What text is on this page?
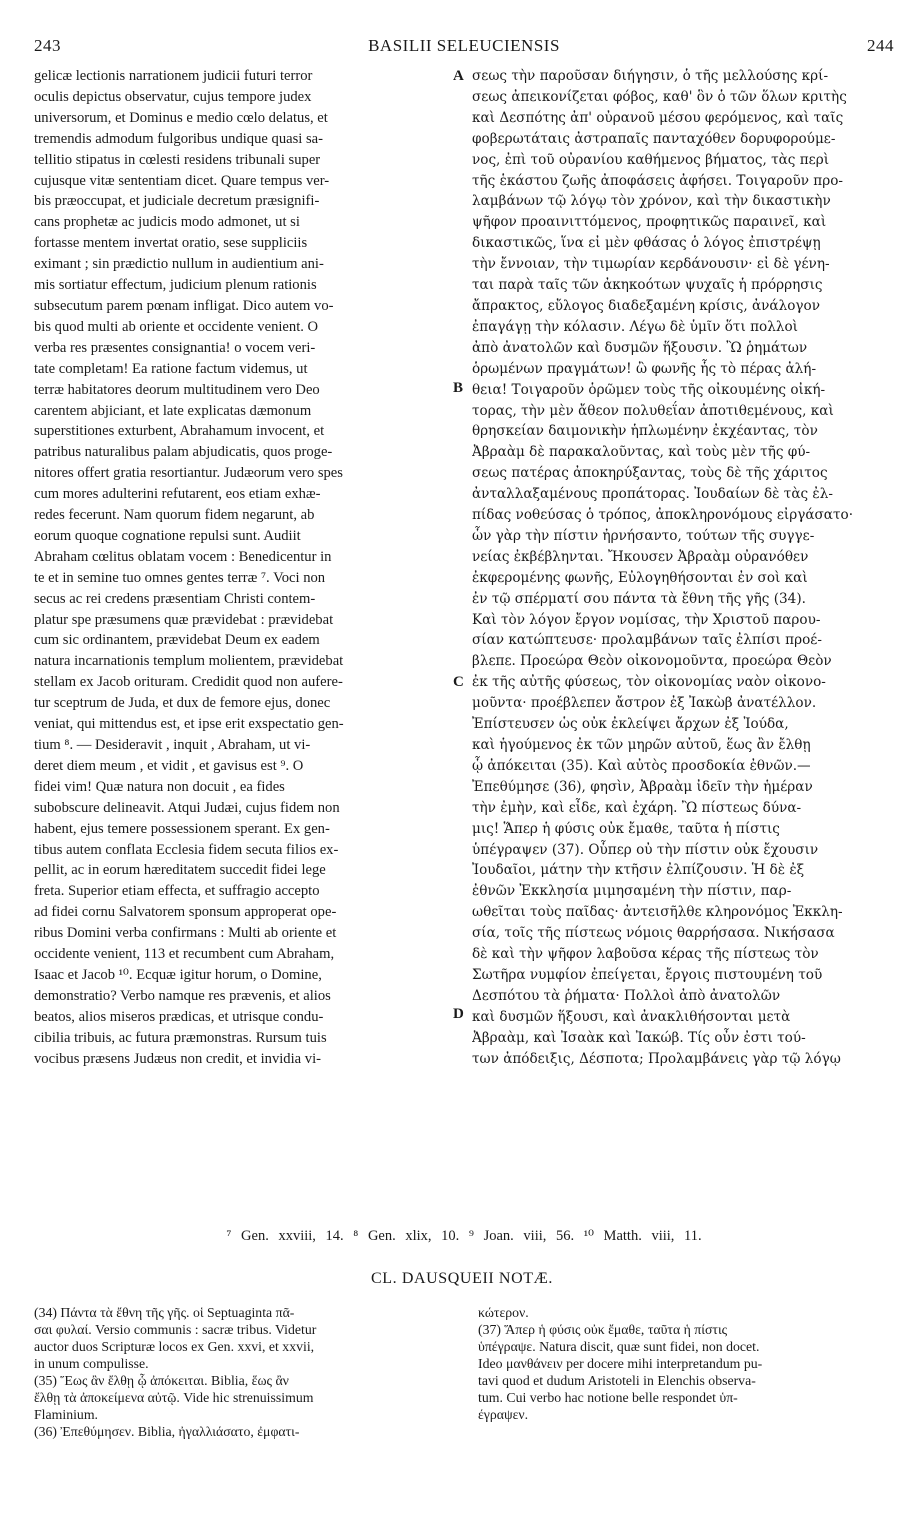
243	BASILII SELEUCIENSIS	244
gelicæ lectionis narrationem judicii futuri terror
oculis depictus observatur, cujus tempore judex
universorum, et Dominus e medio cœlo delatus, et
tremendis admodum fulgoribus undique quasi sa-
tellitio stipatus in cœlesti residens tribunali super
cujusque vitæ sententiam dicet. Quare tempus ver-
bis præoccupat, et judiciale decretum præsignifi-
cans prophetæ ac judicis modo admonet, ut si
fortasse mentem invertat oratio, sese suppliciis
eximant ; sin prædictio nullum in audientium ani-
mis sortiatur effectum, judicium plenum rationis
subsecutum parem pœnam infligat. Dico autem vo-
bis quod multi ab oriente et occidente venient. O
verba res præsentes consignantia! o vocem veri-
tate completam! Ea ratione factum videmus, ut
terræ habitatores deorum multitudinem vero Deo
carentem abjiciant, et late explicatas dæmonum
superstitiones exturbent, Abrahamum invocent, et
patribus naturalibus palam abjudicatis, quos proge-
nitores offert gratia resortiantur. Judæorum vero spes
cum mores adulterini refutarent, eos etiam exhæ-
redes fecerunt. Nam quorum fidem negarunt, ab
eorum quoque cognatione repulsi sunt. Audiit
Abraham cœlitus oblatam vocem : Benedicentur in
te et in semine tuo omnes gentes terræ ⁷. Voci non
secus ac rei credens præsentiam Christi contem-
platur spe præsumens quæ prævidebat : prævidebat
cum sic ordinantem, prævidebat Deum ex eadem
natura incarnationis templum molientem, prævidebat
stellam ex Jacob orituram. Credidit quod non aufere-
tur sceptrum de Juda, et dux de femore ejus, donec
veniat, qui mittendus est, et ipse erit exspectatio gen-
tium ⁸. — Desideravit , inquit , Abraham, ut vi-
deret diem meum , et vidit , et gavisus est ⁹. O
fidei vim! Quæ natura non docuit , ea fides
subobscure delineavit. Atqui Judæi, cujus fidem non
habent, ejus temere possessionem sperant. Ex gen-
tibus autem conflata Ecclesia fidem secuta filios ex-
pellit, ac in eorum hæreditatem succedit fidei lege
freta. Superior etiam effecta, et suffragio accepto
ad fidei cornu Salvatorem sponsum approperat ope-
ribus Domini verba confirmans : Multi ab oriente et
occidente venient, 113 et recumbent cum Abraham,
Isaac et Jacob ¹⁰. Ecquæ igitur horum, o Domine,
demonstratio? Verbo namque res prævenis, et alios
beatos, alios miseros prædicas, et utrisque condu-
cibilia tribuis, ac futura præmonstras. Rursum tuis
vocibus præsens Judæus non credit, et invidia vi-
σεως τὴν παροῦσαν διήγησιν, ὁ τῆς μελλούσης κρί-
σεως ἀπεικονίζεται φόβος, καθ' ὃν ὁ τῶν ὅλων κριτὴς
καὶ Δεσπότης ἀπ' οὐρανοῦ μέσου φερόμενος, καὶ ταῖς
φοβερωτάταις ἀστραπαῖς πανταχόθεν δορυφορούμε-
νος, ἐπὶ τοῦ οὐρανίου καθήμενος βήματος, τὰς περὶ
τῆς ἑκάστου ζωῆς ἀποφάσεις ἀφήσει. Τοιγαροῦν προ-
λαμβάνων τῷ λόγῳ τὸν χρόνον, καὶ τὴν δικαστικὴν
ψῆφον προαινιττόμενος, προφητικῶς παραινεῖ, καὶ
δικαστικῶς, ἵνα εἰ μὲν φθάσας ὁ λόγος ἐπιστρέψῃ
τὴν ἔννοιαν, τὴν τιμωρίαν κερδάνουσιν· εἰ δὲ γένη-
ται παρὰ ταῖς τῶν ἀκηκοότων ψυχαῖς ἡ πρόρρησις
ἄπρακτος, εὔλογος διαδεξαμένη κρίσις, ἀνάλογον
ἐπαγάγῃ τὴν κόλασιν. Λέγω δὲ ὑμῖν ὅτι πολλοὶ
ἀπὸ ἀνατολῶν καὶ δυσμῶν ἥξουσιν. Ὢ ῥημάτων
ὁρωμένων πραγμάτων! ὢ φωνῆς ἧς τὸ πέρας ἀλή-
θεια! Τοιγαροῦν ὁρῶμεν τοὺς τῆς οἰκουμένης οἰκή-
τορας, τὴν μὲν ἄθεον πολυθεΐαν ἀποτιθεμένους, καὶ
θρησκείαν δαιμονικὴν ἡπλωμένην ἐκχέαντας, τὸν
Ἀβραὰμ δὲ παρακαλοῦντας, καὶ τοὺς μὲν τῆς φύ-
σεως πατέρας ἀποκηρύξαντας, τοὺς δὲ τῆς χάριτος
ἀνταλλαξαμένους προπάτορας. Ἰουδαίων δὲ τὰς ἐλ-
πίδας νοθεύσας ὁ τρόπος, ἀποκληρονόμους εἰργάσατο·
ὧν γὰρ τὴν πίστιν ἠρνήσαντο, τούτων τῆς συγγε-
νείας ἐκβέβληνται. Ἤκουσεν Ἀβραὰμ οὐρανόθεν
ἐκφερομένης φωνῆς, Εὐλογηθήσονται ἐν σοὶ καὶ
ἐν τῷ σπέρματί σου πάντα τὰ ἔθνη τῆς γῆς (34).
Καὶ τὸν λόγον ἔργον νομίσας, τὴν Χριστοῦ παρου-
σίαν κατώπτευσε· προλαμβάνων ταῖς ἐλπίσι προέ-
βλεπε. Προεώρα Θεὸν οἰκονομοῦντα, προεώρα Θεὸν
ἐκ τῆς αὐτῆς φύσεως, τὸν οἰκονομίας ναὸν οἰκονο-
μοῦντα· προέβλεπεν ἄστρον ἐξ Ἰακὼβ ἀνατέλλον.
Ἐπίστευσεν ὡς οὐκ ἐκλείψει ἄρχων ἐξ Ἰούδα,
καὶ ἡγούμενος ἐκ τῶν μηρῶν αὐτοῦ, ἕως ἂν ἔλθῃ
ᾧ ἀπόκειται (35). Καὶ αὐτὸς προσδοκία ἐθνῶν.—
Ἐπεθύμησε (36), φησὶν, Ἀβραὰμ ἰδεῖν τὴν ἡμέραν
τὴν ἐμὴν, καὶ εἶδε, καὶ ἐχάρη. Ὢ πίστεως δύνα-
μις! Ἅπερ ἡ φύσις οὐκ ἔμαθε, ταῦτα ἡ πίστις
ὑπέγραψεν (37). Οὗπερ οὐ τὴν πίστιν οὐκ ἔχουσιν
Ἰουδαῖοι, μάτην τὴν κτῆσιν ἐλπίζουσιν. Ἡ δὲ ἐξ
ἐθνῶν Ἐκκλησία μιμησαμένη τὴν πίστιν, παρ-
ωθεῖται τοὺς παῖδας· ἀντεισῆλθε κληρονόμος Ἐκκλη-
σία, τοῖς τῆς πίστεως νόμοις θαρρήσασα. Νικήσασα
δὲ καὶ τὴν ψῆφον λαβοῦσα κέρας τῆς πίστεως τὸν
Σωτῆρα νυμφίον ἐπείγεται, ἔργοις πιστουμένη τοῦ
Δεσπότου τὰ ῥήματα· Πολλοὶ ἀπὸ ἀνατολῶν
καὶ δυσμῶν ἥξουσι, καὶ ἀνακλιθήσονται μετὰ
Ἀβραὰμ, καὶ Ἰσαὰκ καὶ Ἰακώβ. Τίς οὖν ἐστι τού-
των ἀπόδειξις, Δέσποτα; Προλαμβάνεις γὰρ τῷ λόγῳ
A
B
C
D
⁷ Gen. xxviii, 14. ⁸ Gen. xlix, 10. ⁹ Joan. viii, 56. ¹⁰ Matth. viii, 11.
CL. DAUSQUEII NOTÆ.
(34) Πάντα τὰ ἔθνη τῆς γῆς. οἱ Septuaginta πᾶ-
σαι φυλαί. Versio communis : sacræ tribus. Videtur
auctor duos Scripturæ locos ex Gen. xxvi, et xxvii,
in unum compulisse.
(35) Ἕως ἂν ἔλθῃ ᾧ ἀπόκειται. Biblia, ἕως ἂν
ἔλθῃ τὰ ἀποκείμενα αὐτῷ. Vide hic strenuissimum
Flaminium.
(36) Ἐπεθύμησεν. Biblia, ἠγαλλιάσατο, ἐμφατι-
κώτερον.
(37) Ἅπερ ἡ φύσις οὐκ ἔμαθε, ταῦτα ἡ πίστις
ὑπέγραψε. Natura discit, quæ sunt fidei, non docet.
Ideo μανθάνειν per docere mihi interpretandum pu-
tavi quod et dudum Aristoteli in Elenchis observa-
tum. Cui verbo hac notione belle respondet ὑπ-
έγραψεν.
